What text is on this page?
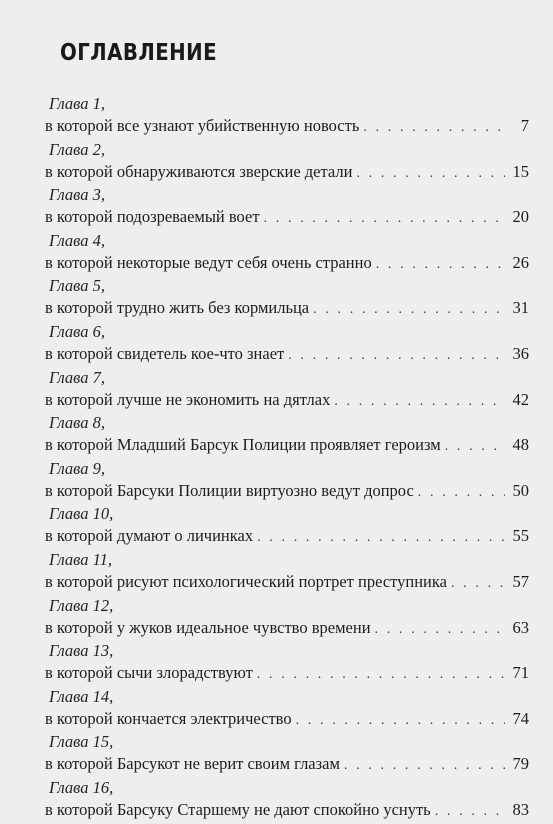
ОГЛАВЛЕНИЕ
Глава 1,
в которой все узнают убийственную новость . . .	7
Глава 2,
в которой обнаруживаются зверские детали . . .	15
Глава 3,
в которой подозреваемый воет . . .	20
Глава 4,
в которой некоторые ведут себя очень странно . . .	26
Глава 5,
в которой трудно жить без кормильца . . .	31
Глава 6,
в которой свидетель кое-что знает . . .	36
Глава 7,
в которой лучше не экономить на дятлах . . .	42
Глава 8,
в которой Младший Барсук Полиции проявляет героизм . . .	48
Глава 9,
в которой Барсуки Полиции виртуозно ведут допрос . . .	50
Глава 10,
в которой думают о личинках . . .	55
Глава 11,
в которой рисуют психологический портрет преступника . . .	57
Глава 12,
в которой у жуков идеальное чувство времени . . .	63
Глава 13,
в которой сычи злорадствуют . . .	71
Глава 14,
в которой кончается электричество . . .	74
Глава 15,
в которой Барсукот не верит своим глазам . . .	79
Глава 16,
в которой Барсуку Старшему не дают спокойно уснуть . . .	83
